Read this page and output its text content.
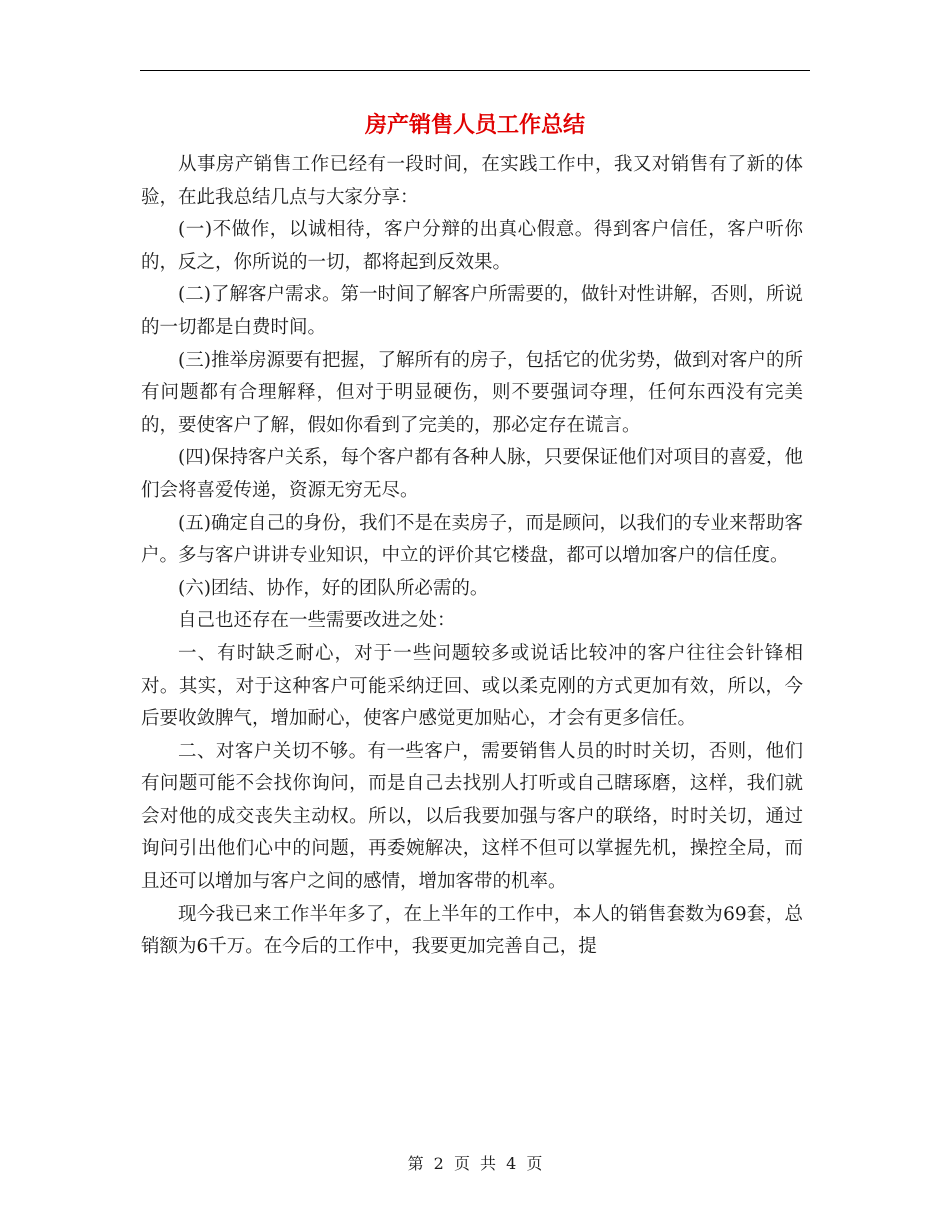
房产销售人员工作总结

从事房产销售工作已经有一段时间，在实践工作中，我又对销售有了新的体验，在此我总结几点与大家分享：

(一)不做作，以诚相待，客户分辩的出真心假意。得到客户信任，客户听你的，反之，你所说的一切，都将起到反效果。

(二)了解客户需求。第一时间了解客户所需要的，做针对性讲解，否则，所说的一切都是白费时间。

(三)推举房源要有把握，了解所有的房子，包括它的优劣势，做到对客户的所有问题都有合理解释，但对于明显硬伤，则不要强词夺理，任何东西没有完美的，要使客户了解，假如你看到了完美的，那必定存在谎言。

(四)保持客户关系，每个客户都有各种人脉，只要保证他们对项目的喜爱，他们会将喜爱传递，资源无穷无尽。

(五)确定自己的身份，我们不是在卖房子，而是顾问，以我们的专业来帮助客户。多与客户讲讲专业知识，中立的评价其它楼盘，都可以增加客户的信任度。

(六)团结、协作，好的团队所必需的。

自己也还存在一些需要改进之处：

一、有时缺乏耐心，对于一些问题较多或说话比较冲的客户往往会针锋相对。其实，对于这种客户可能采纳迂回、或以柔克刚的方式更加有效，所以，今后要收敛脾气，增加耐心，使客户感觉更加贴心，才会有更多信任。

二、对客户关切不够。有一些客户，需要销售人员的时时关切，否则，他们有问题可能不会找你询问，而是自己去找别人打听或自己瞎琢磨，这样，我们就会对他的成交丧失主动权。所以，以后我要加强与客户的联络，时时关切，通过询问引出他们心中的问题，再委婉解决，这样不但可以掌握先机，操控全局，而且还可以增加与客户之间的感情，增加客带的机率。

现今我已来工作半年多了，在上半年的工作中，本人的销售套数为69套，总销额为6千万。在今后的工作中，我要更加完善自己，提

第 2 页 共 4 页
